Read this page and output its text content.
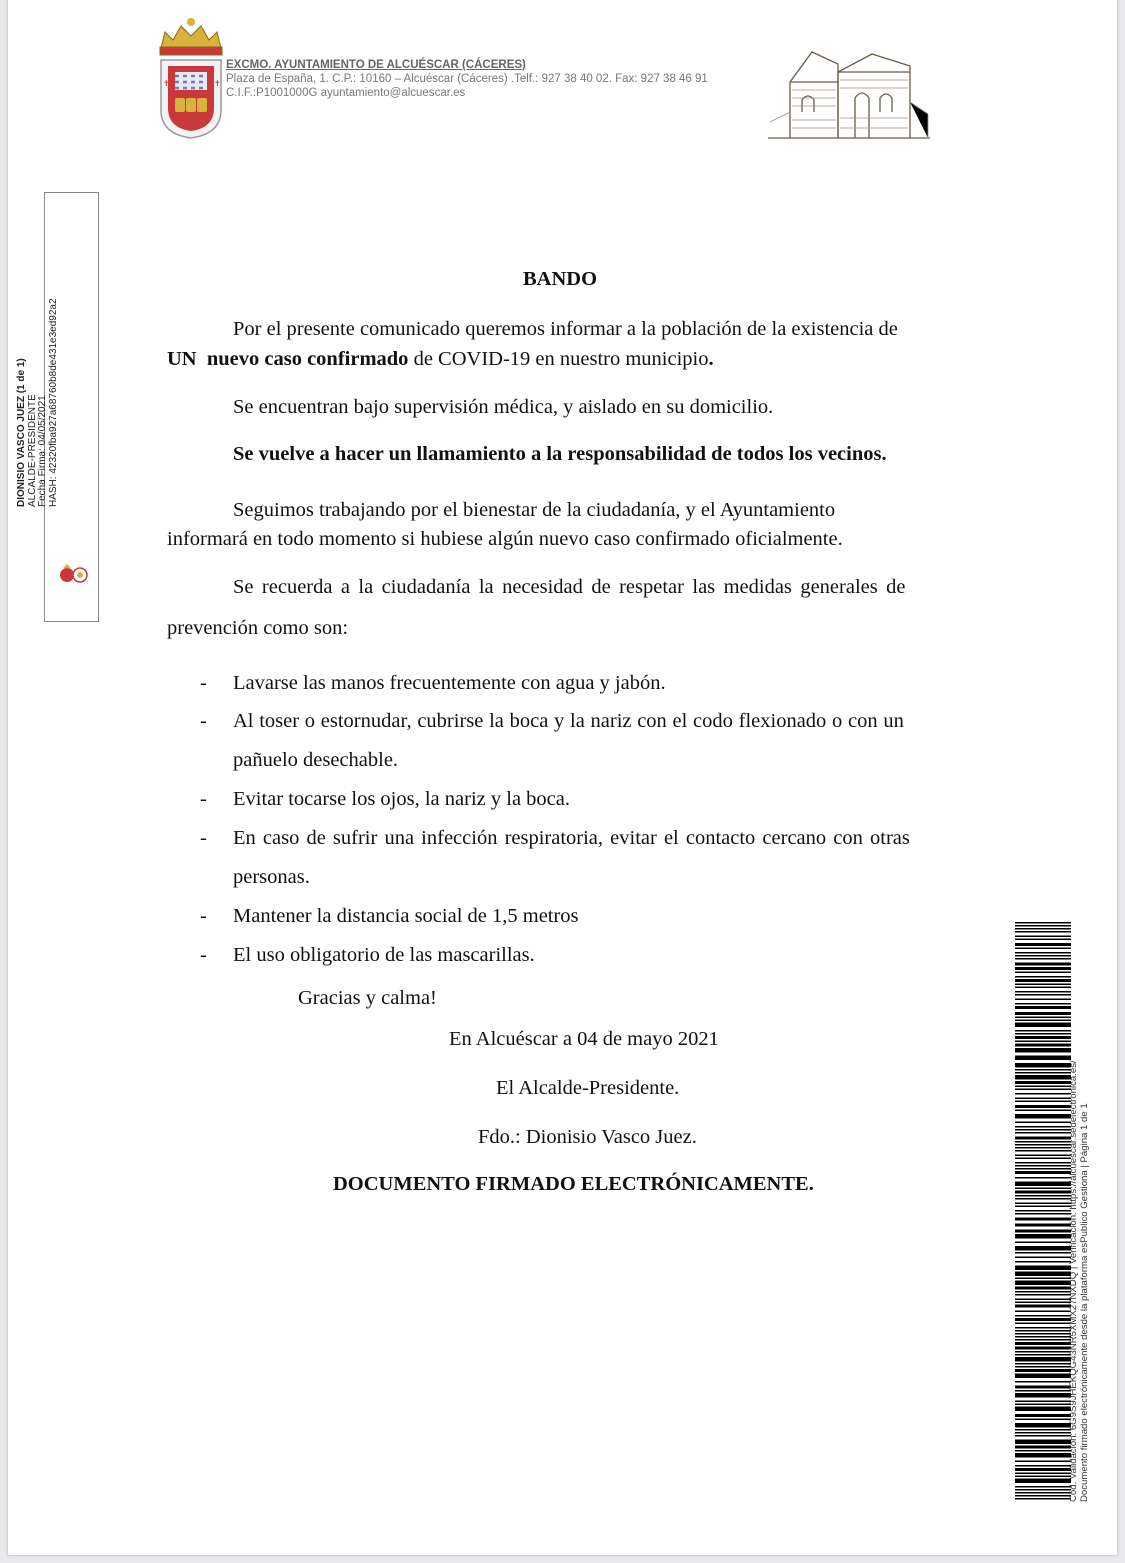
✝	✝
EXCMO. AYUNTAMIENTO DE ALCUÉSCAR (CÁCERES)
Plaza de España, 1. C.P.: 10160 – Alcuéscar (Cáceres) .Telf.: 927 38 40 02. Fax: 927 38 46 91
C.I.F.:P1001000G ayuntamiento@alcuescar.es
DIONISIO VASCO JUEZ (1 de 1) ALCALDE-PRESIDENTE Fecha Firma: 04/05/2021 HASH: 42320fba927a68760b8de431e3ed92a2
BANDO

Por el presente comunicado queremos informar a la población de la existencia de

UN  nuevo caso confirmado de COVID-19 en nuestro municipio.

Se encuentran bajo supervisión médica, y aislado en su domicilio.

Se vuelve a hacer un llamamiento a la responsabilidad de todos los vecinos.

Seguimos trabajando por el bienestar de la ciudadanía, y el Ayuntamiento

informará en todo momento si hubiese algún nuevo caso confirmado oficialmente.

Se recuerda a la ciudadanía la necesidad de respetar las medidas generales de

prevención como son:

- Lavarse las manos frecuentemente con agua y jabón.
- Al toser o estornudar, cubrirse la boca y la nariz con el codo flexionado o con un
pañuelo desechable.
- Evitar tocarse los ojos, la nariz y la boca.
- En caso de sufrir una infección respiratoria, evitar el contacto cercano con otras
personas.
- Mantener la distancia social de 1,5 metros
- El uso obligatorio de las mascarillas.

Gracias y calma!

En Alcuéscar a 04 de mayo 2021

El Alcalde-Presidente.

Fdo.: Dionisio Vasco Juez.

DOCUMENTO FIRMADO ELECTRÓNICAMENTE.	Cód. Validación: 6G9S9JHEKQG43NR5XMX27NXDQ | Verificación: https://alcuescar.sedelectronica.es/ Documento firmado electrónicamente desde la plataforma esPublico Gestiona | Página 1 de 1
